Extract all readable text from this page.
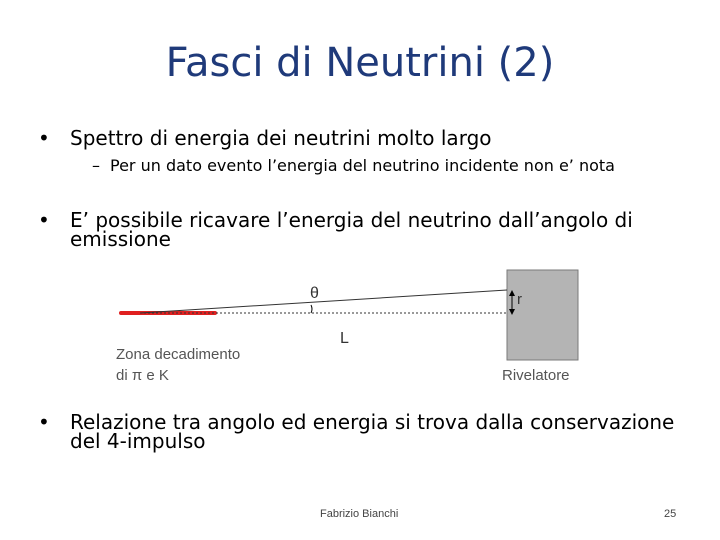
Fasci di Neutrini (2)
• Spettro di energia dei neutrini molto largo
– Per un dato evento l’energia del neutrino incidente non e’ nota
• E’ possibile ricavare l’energia del neutrino dall’angolo di
emissione
θ	r
L
Zona decadimento
di π e K	Rivelatore
• Relazione tra angolo ed energia si trova dalla conservazione
del 4-impulso
Fabrizio Bianchi	25
